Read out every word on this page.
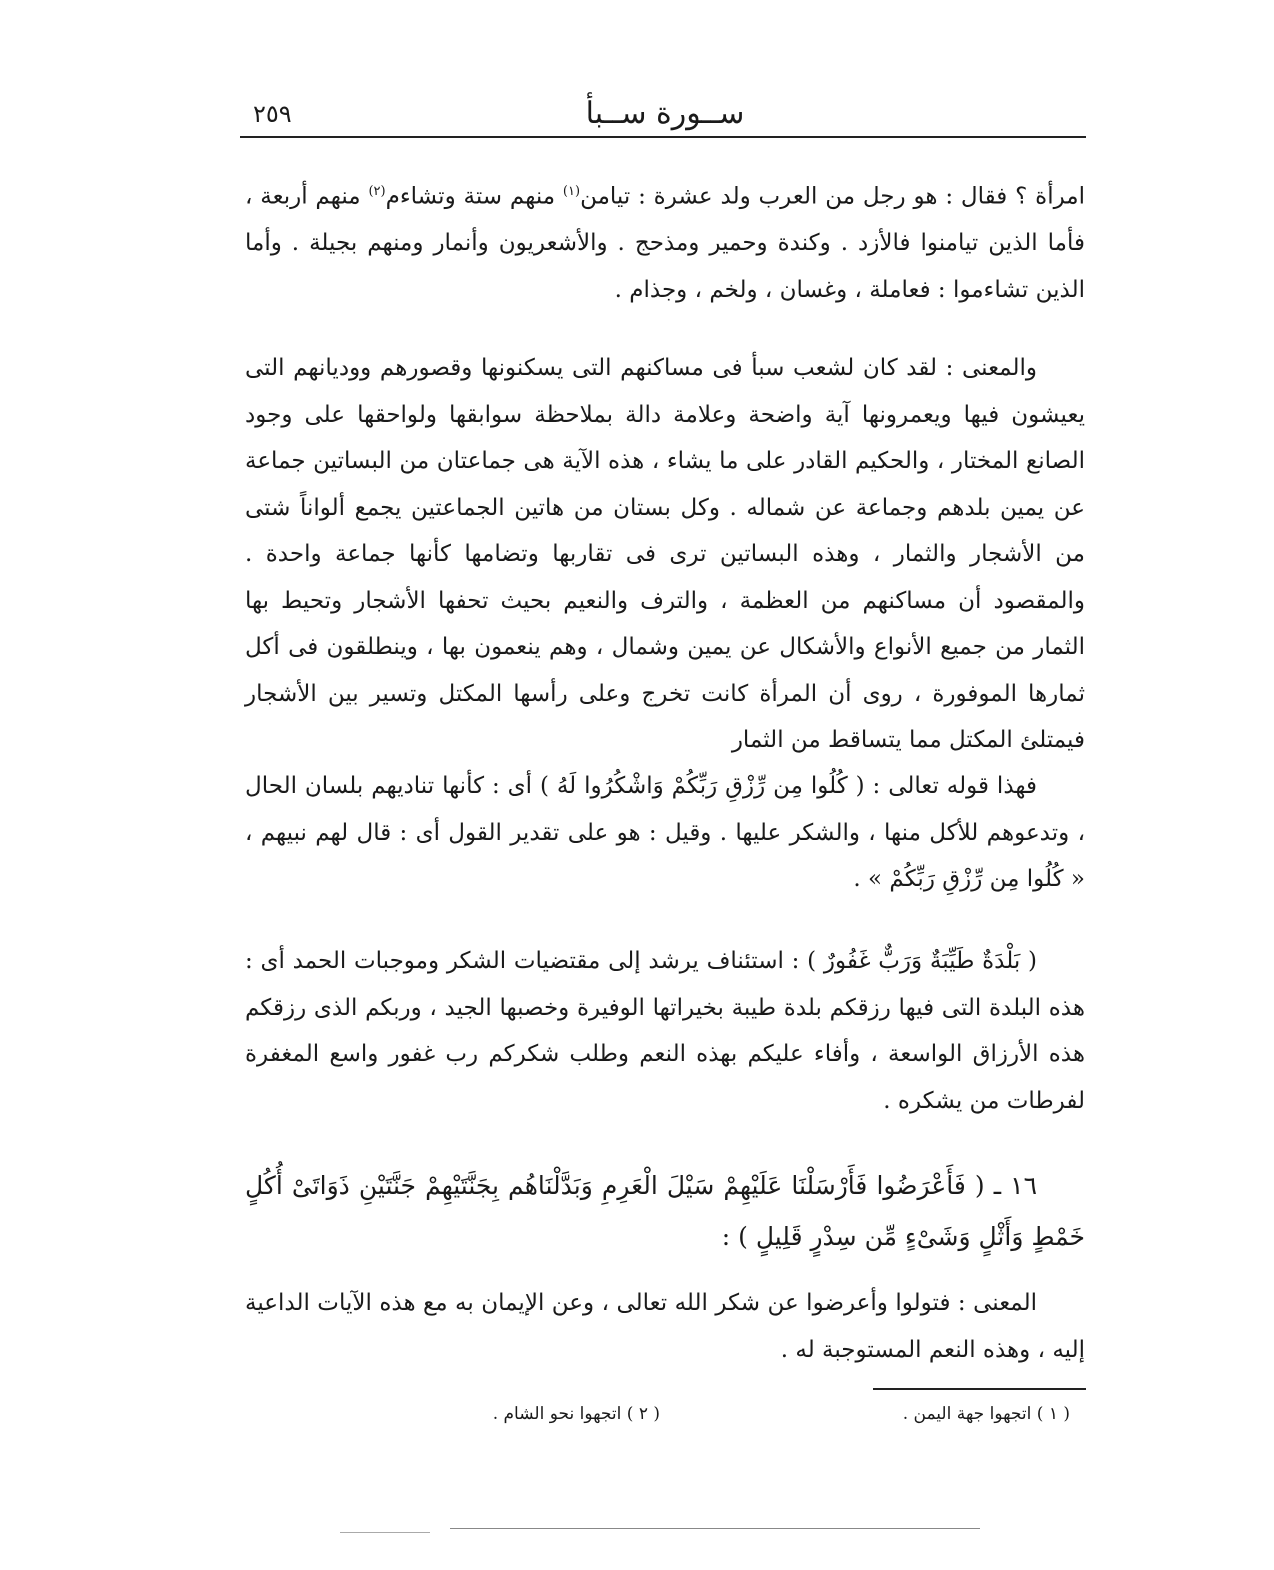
٢٥٩	ســورة ســبأ
امرأة ؟ فقال : هو رجل من العرب ولد عشرة : تيامن$^{(١)}$ منهم ستة وتشاءم$^{(٢)}$ منهم أربعة ، فأما الذين تيامنوا فالأزد . وكندة وحمير ومذحج . والأشعريون وأنمار ومنهم بجيلة . وأما الذين تشاءموا : فعاملة ، وغسان ، ولخم ، وجذام .
والمعنى : لقد كان لشعب سبأ فى مساكنهم التى يسكنونها وقصورهم ووديانهم التى يعيشون فيها ويعمرونها آية واضحة وعلامة دالة بملاحظة سوابقها ولواحقها على وجود الصانع المختار ، والحكيم القادر على ما يشاء ، هذه الآية هى جماعتان من البساتين جماعة عن يمين بلدهم وجماعة عن شماله . وكل بستان من هاتين الجماعتين يجمع ألواناً شتى من الأشجار والثمار ، وهذه البساتين ترى فى تقاربها وتضامها كأنها جماعة واحدة . والمقصود أن مساكنهم من العظمة ، والترف والنعيم بحيث تحفها الأشجار وتحيط بها الثمار من جميع الأنواع والأشكال عن يمين وشمال ، وهم ينعمون بها ، وينطلقون فى أكل ثمارها الموفورة ، روى أن المرأة كانت تخرج وعلى رأسها المكتل وتسير بين الأشجار فيمتلئ المكتل مما يتساقط من الثمار
فهذا قوله تعالى : ( كُلُوا مِن رِّزْقِ رَبِّكُمْ وَاشْكُرُوا لَهُ ) أى : كأنها تناديهم بلسان الحال ، وتدعوهم للأكل منها ، والشكر عليها . وقيل : هو على تقدير القول أى : قال لهم نبيهم ، « كُلُوا مِن رِّزْقِ رَبِّكُمْ » .
( بَلْدَةٌ طَيِّبَةٌ وَرَبٌّ غَفُورٌ ) : استئناف يرشد إلى مقتضيات الشكر وموجبات الحمد أى : هذه البلدة التى فيها رزقكم بلدة طيبة بخيراتها الوفيرة وخصبها الجيد ، وربكم الذى رزقكم هذه الأرزاق الواسعة ، وأفاء عليكم بهذه النعم وطلب شكركم رب غفور واسع المغفرة لفرطات من يشكره .
١٦ ـ ( فَأَعْرَضُوا فَأَرْسَلْنَا عَلَيْهِمْ سَيْلَ الْعَرِمِ وَبَدَّلْنَاهُم بِجَنَّتَيْهِمْ جَنَّتَيْنِ ذَوَاتَىْ أُكُلٍ خَمْطٍ وَأَثْلٍ وَشَىْءٍ مِّن سِدْرٍ قَلِيلٍ ) :
المعنى : فتولوا وأعرضوا عن شكر الله تعالى ، وعن الإيمان به مع هذه الآيات الداعية إليه ، وهذه النعم المستوجبة له .
( ١ ) اتجهوا جهة اليمن .
( ٢ ) اتجهوا نحو الشام .
